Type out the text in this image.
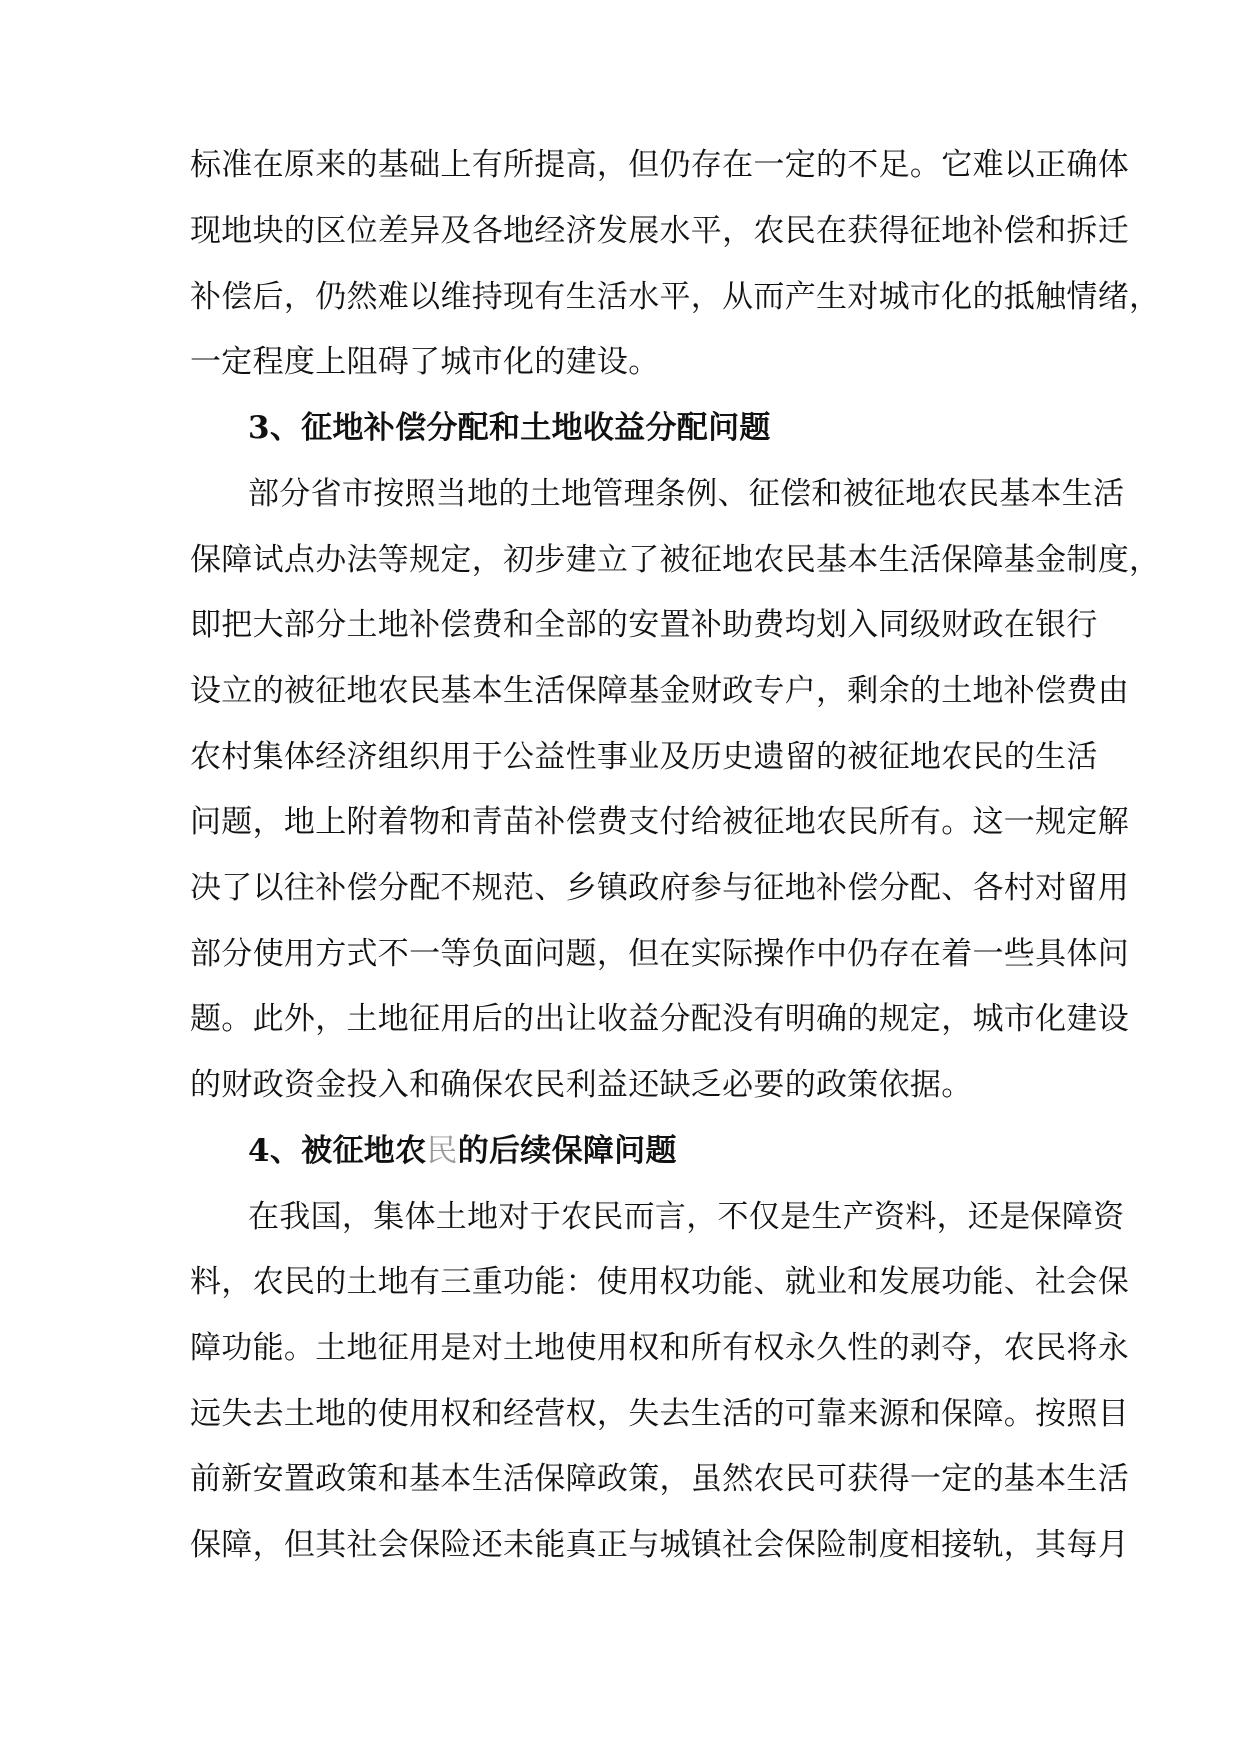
标准在原来的基础上有所提高，但仍存在一定的不足。它难以正确体
现地块的区位差异及各地经济发展水平，农民在获得征地补偿和拆迁
补偿后，仍然难以维持现有生活水平，从而产生对城市化的抵触情绪，
一定程度上阻碍了城市化的建设。
3、征地补偿分配和土地收益分配问题
部分省市按照当地的土地管理条例、征偿和被征地农民基本生活
保障试点办法等规定，初步建立了被征地农民基本生活保障基金制度，
即把大部分土地补偿费和全部的安置补助费均划入同级财政在银行
设立的被征地农民基本生活保障基金财政专户，剩余的土地补偿费由
农村集体经济组织用于公益性事业及历史遗留的被征地农民的生活
问题，地上附着物和青苗补偿费支付给被征地农民所有。这一规定解
决了以往补偿分配不规范、乡镇政府参与征地补偿分配、各村对留用
部分使用方式不一等负面问题，但在实际操作中仍存在着一些具体问
题。此外，土地征用后的出让收益分配没有明确的规定，城市化建设
的财政资金投入和确保农民利益还缺乏必要的政策依据。
4、被征地农民的后续保障问题
在我国，集体土地对于农民而言，不仅是生产资料，还是保障资
料，农民的土地有三重功能：使用权功能、就业和发展功能、社会保
障功能。土地征用是对土地使用权和所有权永久性的剥夺，农民将永
远失去土地的使用权和经营权，失去生活的可靠来源和保障。按照目
前新安置政策和基本生活保障政策，虽然农民可获得一定的基本生活
保障，但其社会保险还未能真正与城镇社会保险制度相接轨，其每月
